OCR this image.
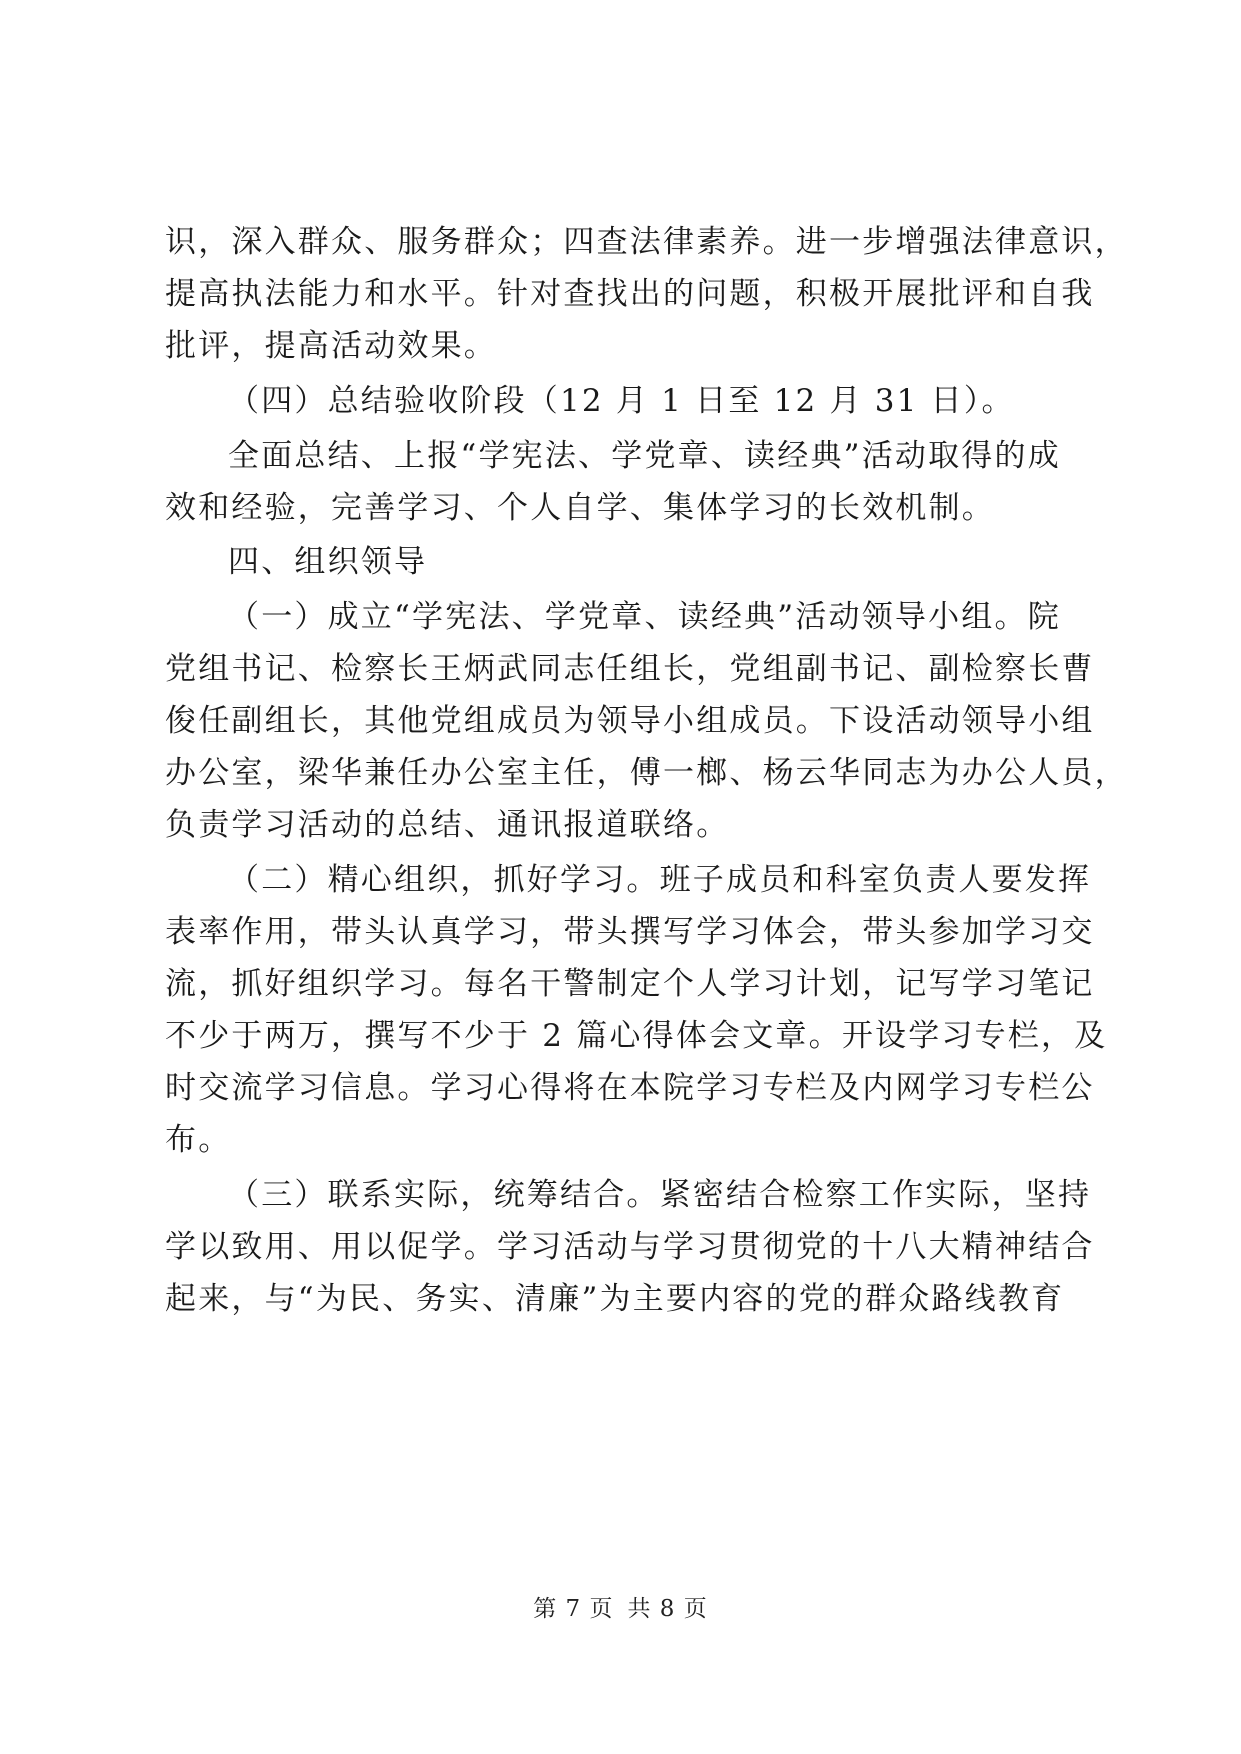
识，深入群众、服务群众；四查法律素养。进一步增强法律意识，
提高执法能力和水平。针对查找出的问题，积极开展批评和自我
批评，提高活动效果。
（四）总结验收阶段（12 月 1 日至 12 月 31 日）。
全面总结、上报“学宪法、学党章、读经典”活动取得的成
效和经验，完善学习、个人自学、集体学习的长效机制。
四、组织领导
（一）成立“学宪法、学党章、读经典”活动领导小组。院
党组书记、检察长王炳武同志任组长，党组副书记、副检察长曹
俊任副组长，其他党组成员为领导小组成员。下设活动领导小组
办公室，梁华兼任办公室主任，傅一榔、杨云华同志为办公人员，
负责学习活动的总结、通讯报道联络。
（二）精心组织，抓好学习。班子成员和科室负责人要发挥
表率作用，带头认真学习，带头撰写学习体会，带头参加学习交
流，抓好组织学习。每名干警制定个人学习计划，记写学习笔记
不少于两万，撰写不少于 2 篇心得体会文章。开设学习专栏，及
时交流学习信息。学习心得将在本院学习专栏及内网学习专栏公
布。
（三）联系实际，统筹结合。紧密结合检察工作实际，坚持
学以致用、用以促学。学习活动与学习贯彻党的十八大精神结合
起来，与“为民、务实、清廉”为主要内容的党的群众路线教育
第 7 页 共 8 页
